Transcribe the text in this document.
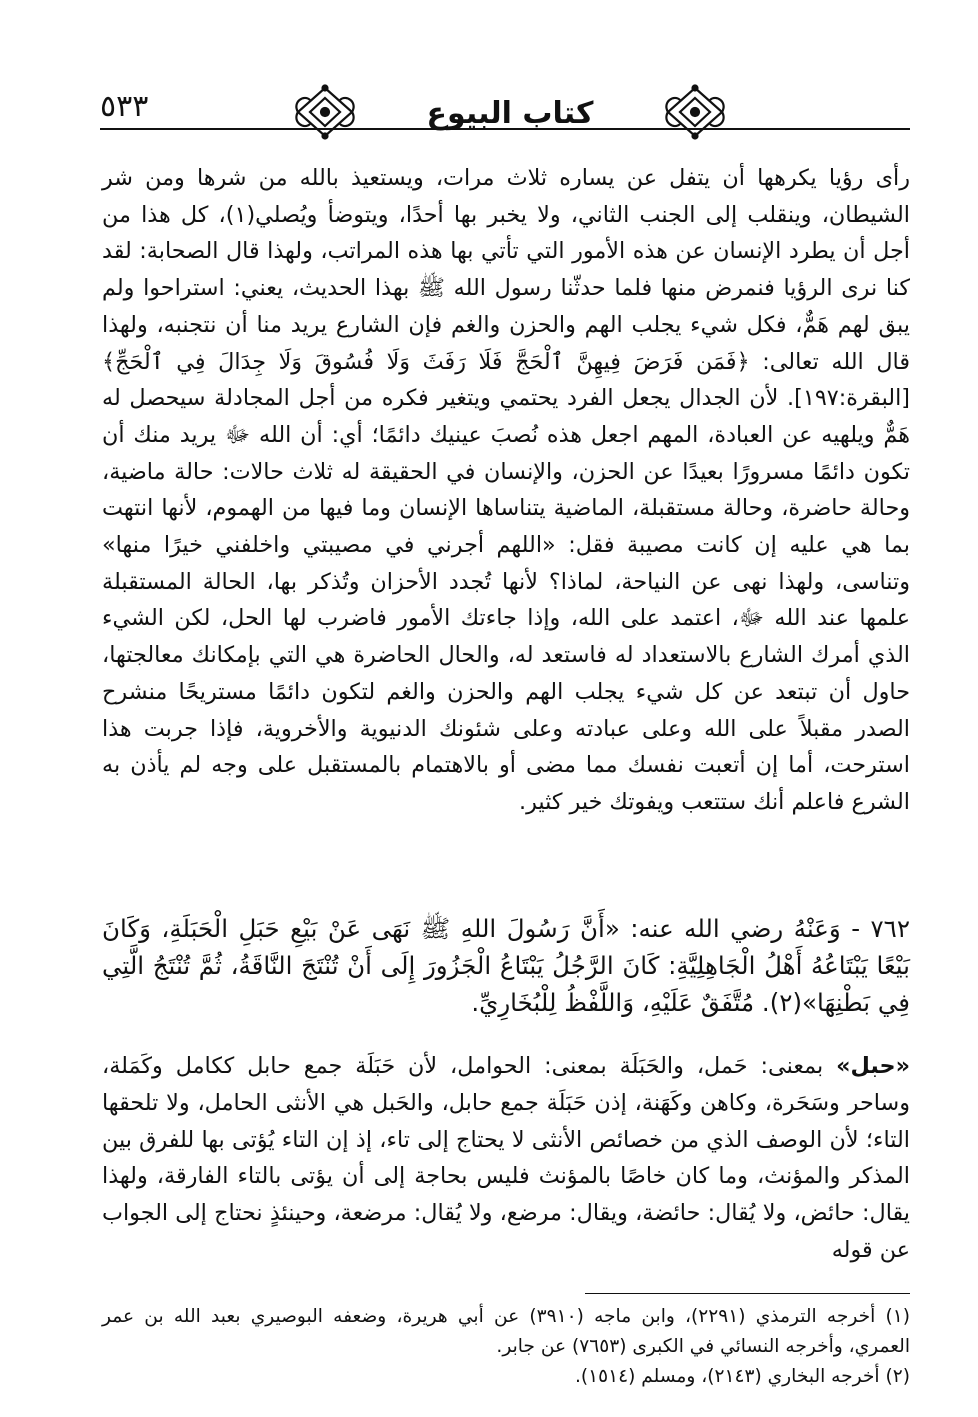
٥٣٣	كتاب البيوع

رأى رؤيا يكرهها أن يتفل عن يساره ثلاث مرات، ويستعيذ بالله من شرها ومن شر الشيطان، وينقلب إلى الجنب الثاني، ولا يخبر بها أحدًا، ويتوضأ ويُصلي(١)، كل هذا من أجل أن يطرد الإنسان عن هذه الأمور التي تأتي بها هذه المراتب، ولهذا قال الصحابة: لقد كنا نرى الرؤيا فنمرض منها فلما حدثّنا رسول الله ﷺ بهذا الحديث، يعني: استراحوا ولم يبق لهم هَمٌّ، فكل شيء يجلب الهم والحزن والغم فإن الشارع يريد منا أن نتجنبه، ولهذا قال الله تعالى: ﴿فَمَن فَرَضَ فِيهِنَّ ٱلْحَجَّ فَلَا رَفَثَ وَلَا فُسُوقَ وَلَا جِدَالَ فِي ٱلْحَجِّ﴾ [البقرة:١٩٧]. لأن الجدال يجعل الفرد يحتمي ويتغير فكره من أجل المجادلة سيحصل له هَمٌّ ويلهيه عن العبادة، المهم اجعل هذه نُصبَ عينيك دائمًا؛ أي: أن الله ﷻ يريد منك أن تكون دائمًا مسرورًا بعيدًا عن الحزن، والإنسان في الحقيقة له ثلاث حالات: حالة ماضية، وحالة حاضرة، وحالة مستقبلة، الماضية يتناساها الإنسان وما فيها من الهموم، لأنها انتهت بما هي عليه إن كانت مصيبة فقل: «اللهم أجرني في مصيبتي واخلفني خيرًا منها» وتناسى، ولهذا نهى عن النياحة، لماذا؟ لأنها تُجدد الأحزان وتُذكر بها، الحالة المستقبلة علمها عند الله ﷻ، اعتمد على الله، وإذا جاءتك الأمور فاضرب لها الحل، لكن الشيء الذي أمرك الشارع بالاستعداد له فاستعد له، والحال الحاضرة هي التي بإمكانك معالجتها، حاول أن تبتعد عن كل شيء يجلب الهم والحزن والغم لتكون دائمًا مستريحًا منشرح الصدر مقبلاً على الله وعلى عبادته وعلى شئونك الدنيوية والأخروية، فإذا جربت هذا استرحت، أما إن أتعبت نفسك مما مضى أو بالاهتمام بالمستقبل على وجه لم يأذن به الشرع فاعلم أنك ستتعب ويفوتك خير كثير.

٧٦٢ - وَعَنْهُ رضي الله عنه: «أَنَّ رَسُولَ اللهِ ﷺ نَهَى عَنْ بَيْعِ حَبَلِ الْحَبَلَةِ، وَكَانَ بَيْعًا يَبْتَاعُهُ أَهْلُ الْجَاهِلِيَّةِ: كَانَ الرَّجُلُ يَبْتَاعُ الْجَزُورَ إِلَى أَنْ تُنْتَجَ النَّاقَةُ، ثُمَّ تُنْتَجُ الَّتِي فِي بَطْنِهَا»(٢). مُتَّفَقٌ عَلَيْهِ، وَاللَّفْظُ لِلْبُخَارِيِّ.

«حبل» بمعنى: حَمل، والحَبَلَة بمعنى: الحوامل، لأن حَبَلَة جمع حابل ككامل وكَمَلة، وساحر وسَحَرة، وكاهن وكَهَنة، إذن حَبَلَة جمع حابل، والحَبل هي الأنثى الحامل، ولا تلحقها التاء؛ لأن الوصف الذي من خصائص الأنثى لا يحتاج إلى تاء، إذ إن التاء يُؤتى بها للفرق بين المذكر والمؤنث، وما كان خاصًا بالمؤنث فليس بحاجة إلى أن يؤتى بالتاء الفارقة، ولهذا يقال: حائض، ولا يُقال: حائضة، ويقال: مرضع، ولا يُقال: مرضعة، وحينئذٍ نحتاج إلى الجواب عن قوله

(١) أخرجه الترمذي (٢٢٩١)، وابن ماجه (٣٩١٠) عن أبي هريرة، وضعفه البوصيري بعبد الله بن عمر العمري، وأخرجه النسائي في الكبرى (٧٦٥٣) عن جابر.

(٢) أخرجه البخاري (٢١٤٣)، ومسلم (١٥١٤).
